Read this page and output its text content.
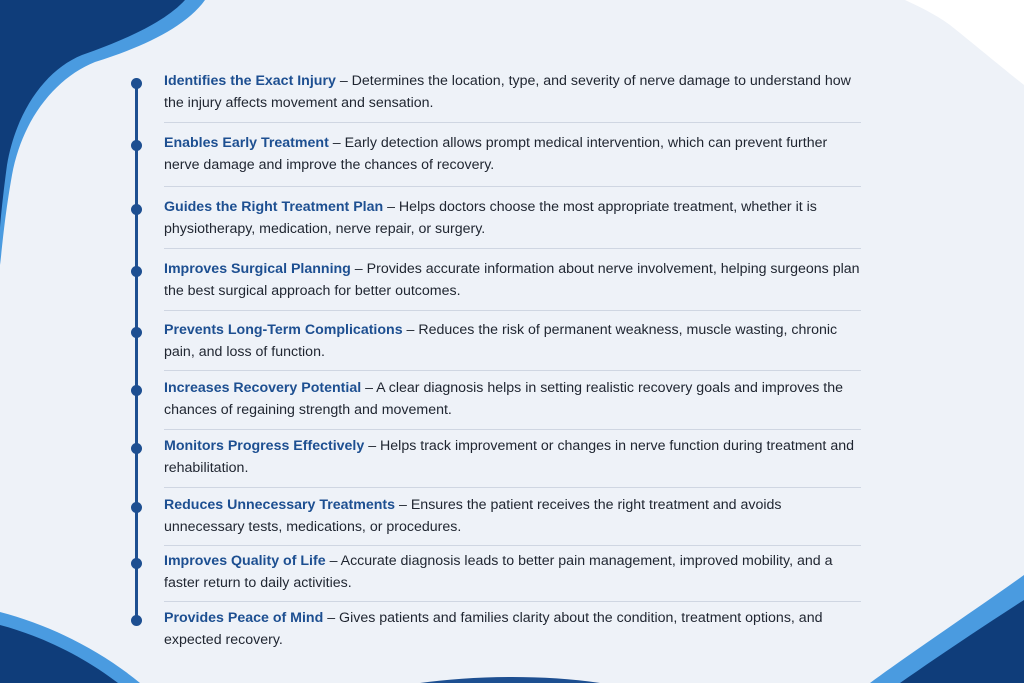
Identifies the Exact Injury – Determines the location, type, and severity of nerve damage to understand how the injury affects movement and sensation.
Enables Early Treatment – Early detection allows prompt medical intervention, which can prevent further nerve damage and improve the chances of recovery.
Guides the Right Treatment Plan – Helps doctors choose the most appropriate treatment, whether it is physiotherapy, medication, nerve repair, or surgery.
Improves Surgical Planning – Provides accurate information about nerve involvement, helping surgeons plan the best surgical approach for better outcomes.
Prevents Long-Term Complications – Reduces the risk of permanent weakness, muscle wasting, chronic pain, and loss of function.
Increases Recovery Potential – A clear diagnosis helps in setting realistic recovery goals and improves the chances of regaining strength and movement.
Monitors Progress Effectively – Helps track improvement or changes in nerve function during treatment and rehabilitation.
Reduces Unnecessary Treatments – Ensures the patient receives the right treatment and avoids unnecessary tests, medications, or procedures.
Improves Quality of Life – Accurate diagnosis leads to better pain management, improved mobility, and a faster return to daily activities.
Provides Peace of Mind – Gives patients and families clarity about the condition, treatment options, and expected recovery.
